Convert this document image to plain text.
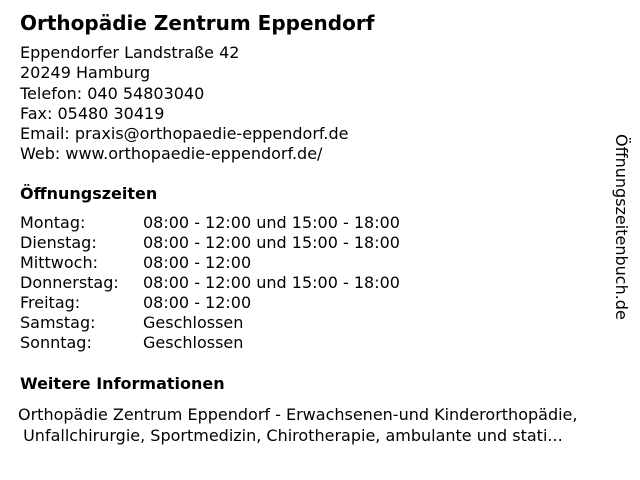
Orthopädie Zentrum Eppendorf
Eppendorfer Landstraße 42
20249 Hamburg
Telefon: 040 54803040
Fax: 05480 30419
Email: praxis@orthopaedie-eppendorf.de
Web: www.orthopaedie-eppendorf.de/
Öffnungszeiten
Montag:	08:00 - 12:00 und 15:00 - 18:00
Dienstag:	08:00 - 12:00 und 15:00 - 18:00
Mittwoch:	08:00 - 12:00
Donnerstag: 08:00 - 12:00 und 15:00 - 18:00
Freitag:	08:00 - 12:00
Samstag:	Geschlossen
Sonntag:	Geschlossen
Weitere Informationen
Orthopädie Zentrum Eppendorf - Erwachsenen-und Kinderorthopädie,
Unfallchirurgie, Sportmedizin, Chirotherapie, ambulante und stati...
Öffnungszeitenbuch.de
